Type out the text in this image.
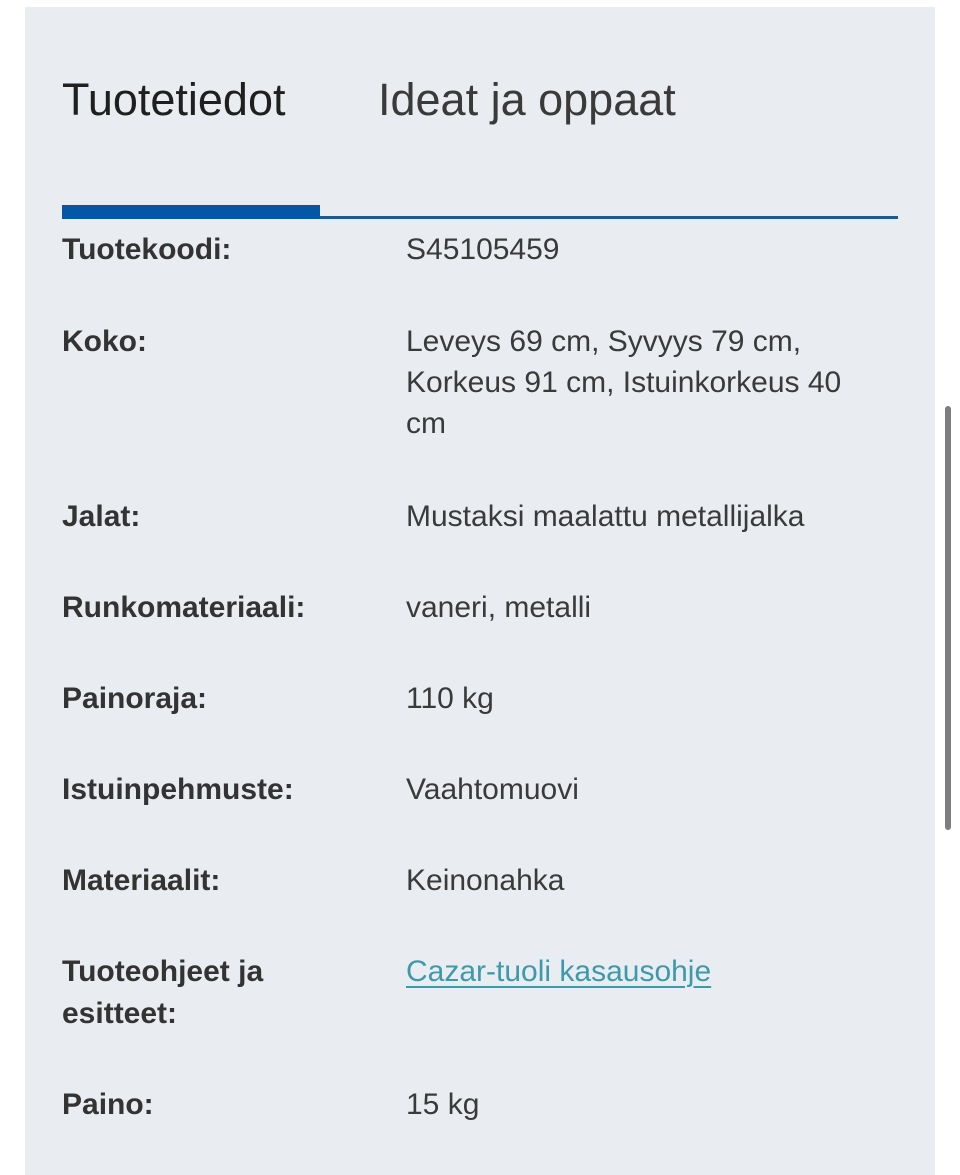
Tuotetiedot Ideat ja oppaat
Tuotekoodi:	S45105459
Koko:	Leveys 69 cm, Syvyys 79 cm, Korkeus 91 cm, Istuinkorkeus 40 cm
Jalat:	Mustaksi maalattu metallijalka
Runkomateriaali:	vaneri, metalli
Painoraja:	110 kg
Istuinpehmuste:	Vaahtomuovi
Materiaalit:	Keinonahka
Tuoteohjeet ja esitteet:
Cazar-tuoli kasausohje
Paino:	15 kg
